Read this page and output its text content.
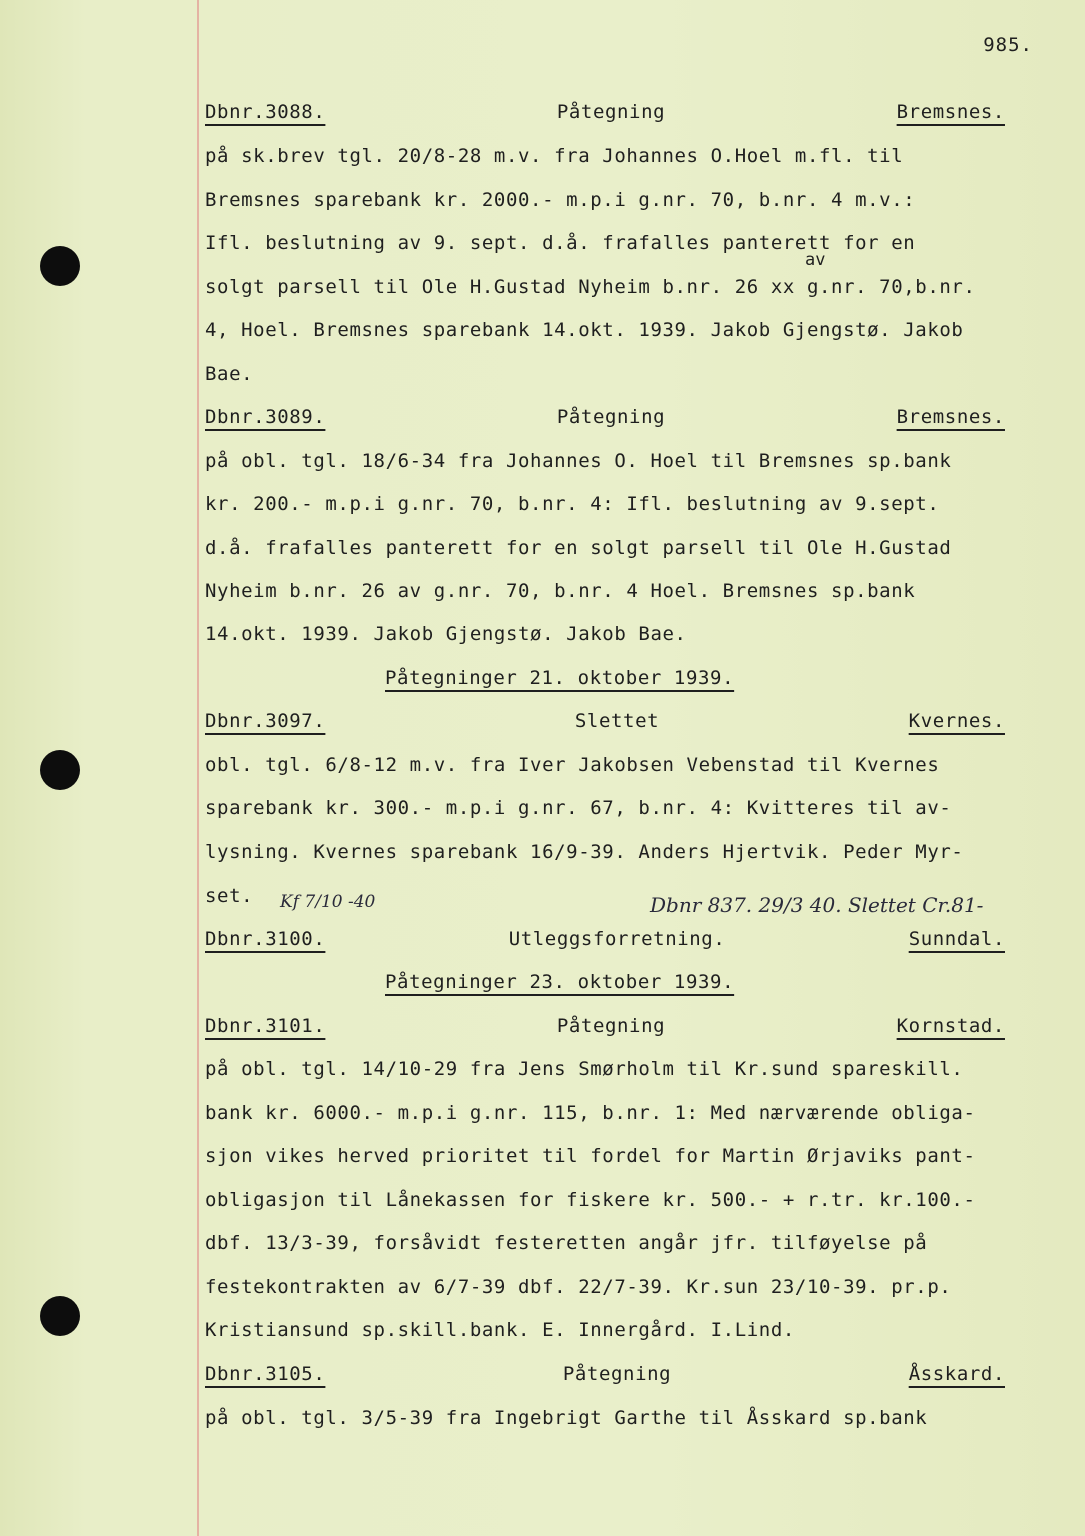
985.
Dbnr.3088.	Påtegning	Bremsnes.
på sk.brev tgl. 20/8-28 m.v. fra Johannes O.Hoel m.fl. til
Bremsnes sparebank kr. 2000.- m.p.i g.nr. 70, b.nr. 4 m.v.:
Ifl. beslutning av 9. sept. d.å. frafalles panterett for en
av
solgt parsell til Ole H.Gustad Nyheim b.nr. 26 xx g.nr. 70,b.nr.
4, Hoel. Bremsnes sparebank 14.okt. 1939. Jakob Gjengstø. Jakob
Bae.
Dbnr.3089.	Påtegning	Bremsnes.
på obl. tgl. 18/6-34 fra Johannes O. Hoel til Bremsnes sp.bank
kr. 200.- m.p.i g.nr. 70, b.nr. 4: Ifl. beslutning av 9.sept.
d.å. frafalles panterett for en solgt parsell til Ole H.Gustad
Nyheim b.nr. 26 av g.nr. 70, b.nr. 4 Hoel. Bremsnes sp.bank
14.okt. 1939. Jakob Gjengstø. Jakob Bae.
Påtegninger 21. oktober 1939.
Dbnr.3097.	Slettet	Kvernes.
obl. tgl. 6/8-12 m.v. fra Iver Jakobsen Vebenstad til Kvernes
sparebank kr. 300.- m.p.i g.nr. 67, b.nr. 4: Kvitteres til av-
lysning. Kvernes sparebank 16/9-39. Anders Hjertvik. Peder Myr-
set.	Kf 7/10 -40	Dbnr 837. 29/3 40. Slettet Cr.81-
Dbnr.3100.	Utleggsforretning.	Sunndal.
Påtegninger 23. oktober 1939.
Dbnr.3101.	Påtegning	Kornstad.
på obl. tgl. 14/10-29 fra Jens Smørholm til Kr.sund spareskill.
bank kr. 6000.- m.p.i g.nr. 115, b.nr. 1: Med nærværende obliga-
sjon vikes herved prioritet til fordel for Martin Ørjaviks pant-
obligasjon til Lånekassen for fiskere kr. 500.- + r.tr. kr.100.-
dbf. 13/3-39, forsåvidt festeretten angår jfr. tilføyelse på
festekontrakten av 6/7-39 dbf. 22/7-39. Kr.sun 23/10-39. pr.p.
Kristiansund sp.skill.bank. E. Innergård. I.Lind.
Dbnr.3105.	Påtegning	Åsskard.
på obl. tgl. 3/5-39 fra Ingebrigt Garthe til Åsskard sp.bank
